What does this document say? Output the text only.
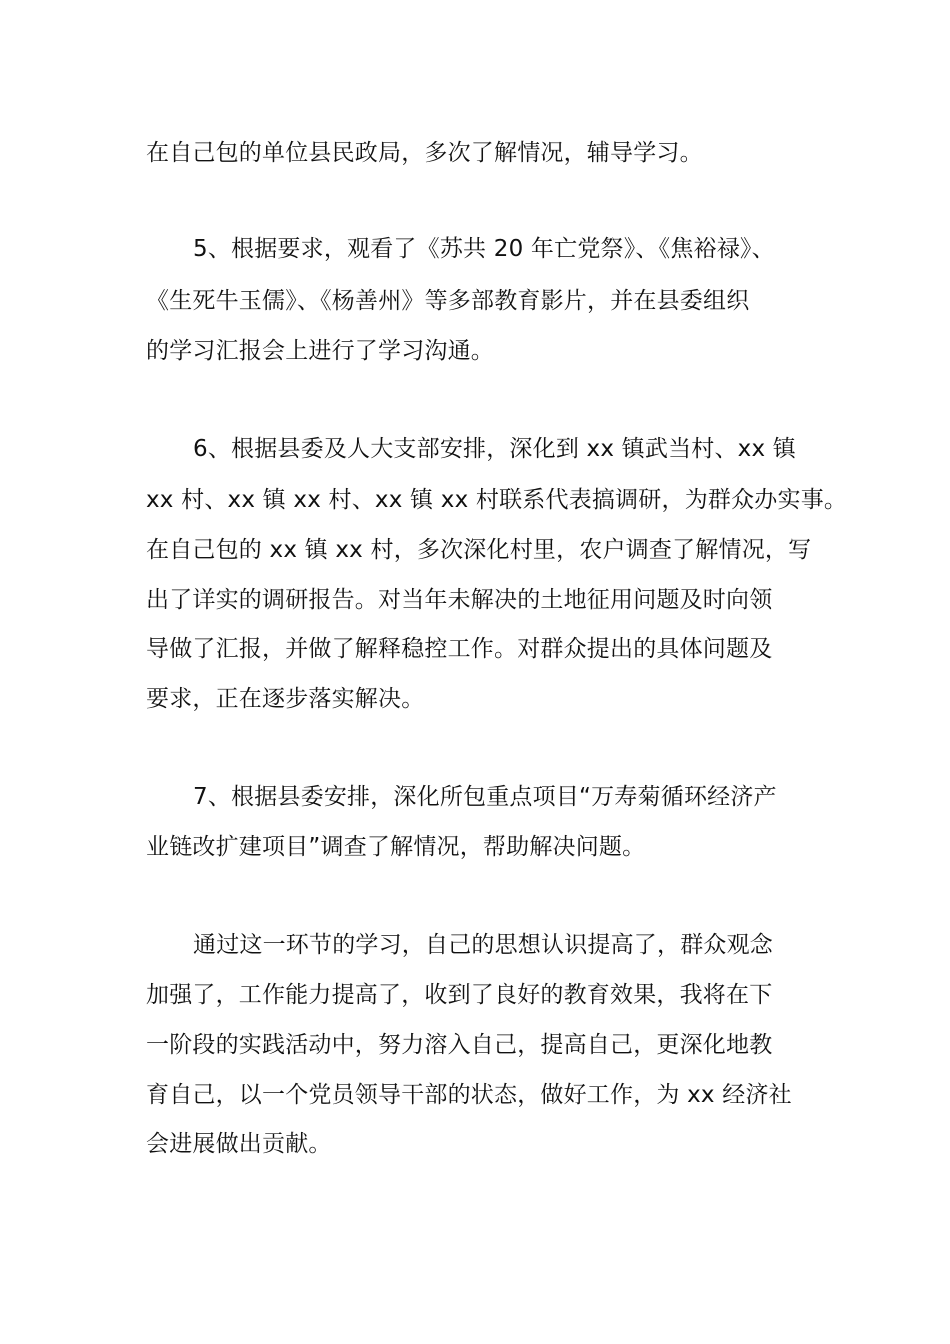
在自己包的单位县民政局，多次了解情况，辅导学习。
5、根据要求，观看了《苏共 20 年亡党祭》、《焦裕禄》、
《生死牛玉儒》、《杨善州》等多部教育影片，并在县委组织
的学习汇报会上进行了学习沟通。
6、根据县委及人大支部安排，深化到 xx 镇武当村、xx 镇
xx 村、xx 镇 xx 村、xx 镇 xx 村联系代表搞调研，为群众办实事。
在自己包的 xx 镇 xx 村，多次深化村里，农户调查了解情况，写
出了详实的调研报告。对当年未解决的土地征用问题及时向领
导做了汇报，并做了解释稳控工作。对群众提出的具体问题及
要求，正在逐步落实解决。
7、根据县委安排，深化所包重点项目“万寿菊循环经济产
业链改扩建项目”调查了解情况，帮助解决问题。
通过这一环节的学习，自己的思想认识提高了，群众观念
加强了，工作能力提高了，收到了良好的教育效果，我将在下
一阶段的实践活动中，努力溶入自己，提高自己，更深化地教
育自己，以一个党员领导干部的状态，做好工作，为 xx 经济社
会进展做出贡献。
